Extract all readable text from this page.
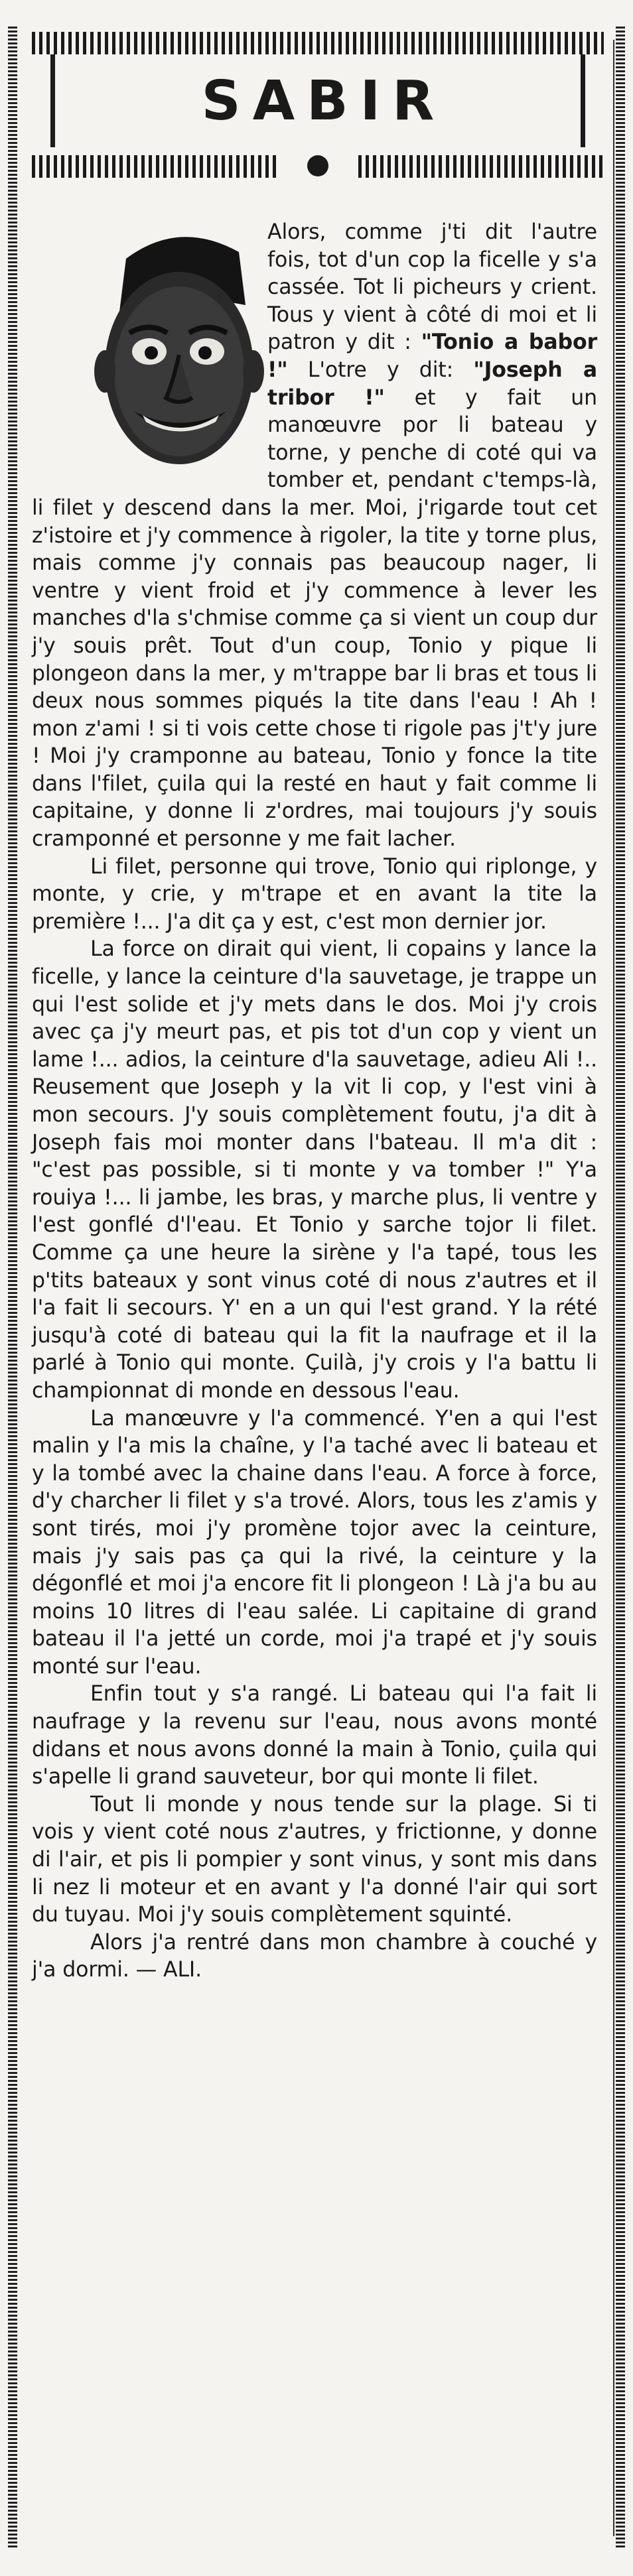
SABIR

Alors, comme j'ti dit l'autre fois, tot d'un cop la ficelle y s'a cassée. Tot li picheurs y crient. Tous y vient à côté di moi et li patron y dit : "Tonio a babor !" L'otre y dit: "Joseph a tribor !" et y fait un manœuvre por li bateau y torne, y penche di coté qui va tomber et, pendant c'temps-là, li filet y descend dans la mer. Moi, j'rigarde tout cet z'istoire et j'y commence à rigoler, la tite y torne plus, mais comme j'y connais pas beaucoup nager, li ventre y vient froid et j'y commence à lever les manches d'la s'chmise comme ça si vient un coup dur j'y souis prêt. Tout d'un coup, Tonio y pique li plongeon dans la mer, y m'trappe bar li bras et tous li deux nous sommes piqués la tite dans l'eau ! Ah ! mon z'ami ! si ti vois cette chose ti rigole pas j't'y jure ! Moi j'y cramponne au bateau, Tonio y fonce la tite dans l'filet, çuila qui la resté en haut y fait comme li capitaine, y donne li z'ordres, mai toujours j'y souis cramponné et personne y me fait lacher.

Li filet, personne qui trove, Tonio qui riplonge, y monte, y crie, y m'trape et en avant la tite la première !... J'a dit ça y est, c'est mon dernier jor.

La force on dirait qui vient, li copains y lance la ficelle, y lance la ceinture d'la sauvetage, je trappe un qui l'est solide et j'y mets dans le dos. Moi j'y crois avec ça j'y meurt pas, et pis tot d'un cop y vient un lame !... adios, la ceinture d'la sauvetage, adieu Ali !.. Reusement que Joseph y la vit li cop, y l'est vini à mon secours. J'y souis complètement foutu, j'a dit à Joseph fais moi monter dans l'bateau. Il m'a dit : "c'est pas possible, si ti monte y va tomber !" Y'a rouiya !... li jambe, les bras, y marche plus, li ventre y l'est gonflé d'l'eau. Et Tonio y sarche tojor li filet. Comme ça une heure la sirène y l'a tapé, tous les p'tits bateaux y sont vinus coté di nous z'autres et il l'a fait li secours. Y' en a un qui l'est grand. Y la rété jusqu'à coté di bateau qui la fit la naufrage et il la parlé à Tonio qui monte. Çuilà, j'y crois y l'a battu li championnat di monde en dessous l'eau.

La manœuvre y l'a commencé. Y'en a qui l'est malin y l'a mis la chaîne, y l'a taché avec li bateau et y la tombé avec la chaine dans l'eau. A force à force, d'y charcher li filet y s'a trové. Alors, tous les z'amis y sont tirés, moi j'y promène tojor avec la ceinture, mais j'y sais pas ça qui la rivé, la ceinture y la dégonflé et moi j'a encore fit li plongeon ! Là j'a bu au moins 10 litres di l'eau salée. Li capitaine di grand bateau il l'a jetté un corde, moi j'a trapé et j'y souis monté sur l'eau.

Enfin tout y s'a rangé. Li bateau qui l'a fait li naufrage y la revenu sur l'eau, nous avons monté didans et nous avons donné la main à Tonio, çuila qui s'apelle li grand sauveteur, bor qui monte li filet.

Tout li monde y nous tende sur la plage. Si ti vois y vient coté nous z'autres, y frictionne, y donne di l'air, et pis li pompier y sont vinus, y sont mis dans li nez li moteur et en avant y l'a donné l'air qui sort du tuyau. Moi j'y souis complètement squinté.

Alors j'a rentré dans mon chambre à couché y j'a dormi. — ALI.
